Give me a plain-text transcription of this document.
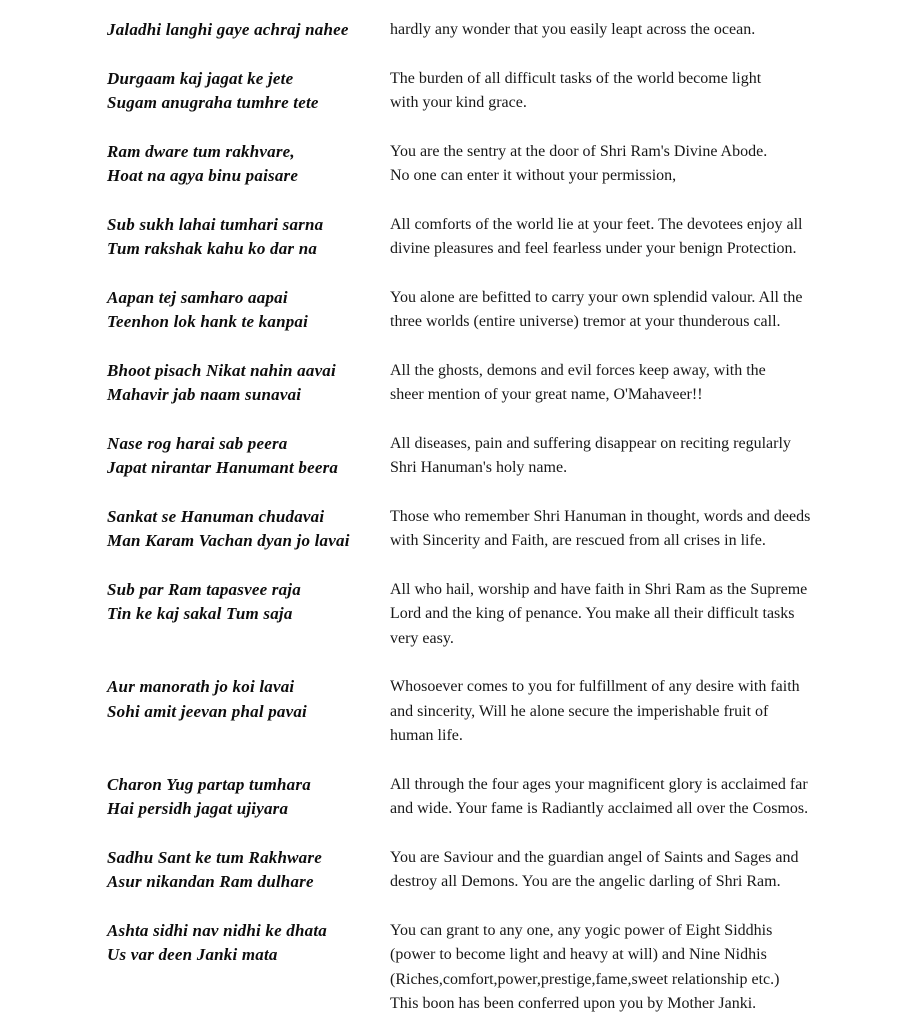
Jaladhi langhi gaye achraj nahee	hardly any wonder that you easily leapt across the ocean.
Durgaam kaj jagat ke jete
Sugam anugraha tumhre tete
The burden of all difficult tasks of the world become light
with your kind grace.
Ram dware tum rakhvare,
Hoat na agya binu paisare
You are the sentry at the door of Shri Ram's Divine Abode.
No one can enter it without your permission,
Sub sukh lahai tumhari sarna
Tum rakshak kahu ko dar na
All comforts of the world lie at your feet. The devotees enjoy all
divine pleasures and feel fearless under your benign Protection.
Aapan tej samharo aapai
Teenhon lok hank te kanpai
You alone are befitted to carry your own splendid valour. All the
three worlds (entire universe) tremor at your thunderous call.
Bhoot pisach Nikat nahin aavai
Mahavir jab naam sunavai
All the ghosts, demons and evil forces keep away, with the
sheer mention of your great name, O'Mahaveer!!
Nase rog harai sab peera
Japat nirantar Hanumant beera
All diseases, pain and suffering disappear on reciting regularly
Shri Hanuman's holy name.
Sankat se Hanuman chudavai
Man Karam Vachan dyan jo lavai
Those who remember Shri Hanuman in thought, words and deeds
with Sincerity and Faith, are rescued from all crises in life.
Sub par Ram tapasvee raja
Tin ke kaj sakal Tum saja
All who hail, worship and have faith in Shri Ram as the Supreme
Lord and the king of penance. You make all their difficult tasks
very easy.
Aur manorath jo koi lavai
Sohi amit jeevan phal pavai
Whosoever comes to you for fulfillment of any desire with faith
and sincerity, Will he alone secure the imperishable fruit of
human life.
Charon Yug partap tumhara
Hai persidh jagat ujiyara
All through the four ages your magnificent glory is acclaimed far
and wide. Your fame is Radiantly acclaimed all over the Cosmos.
Sadhu Sant ke tum Rakhware
Asur nikandan Ram dulhare
You are Saviour and the guardian angel of Saints and Sages and
destroy all Demons. You are the angelic darling of Shri Ram.
Ashta sidhi nav nidhi ke dhata
Us var deen Janki mata
You can grant to any one, any yogic power of Eight Siddhis
(power to become light and heavy at will) and Nine Nidhis
(Riches,comfort,power,prestige,fame,sweet relationship etc.)
This boon has been conferred upon you by Mother Janki.
